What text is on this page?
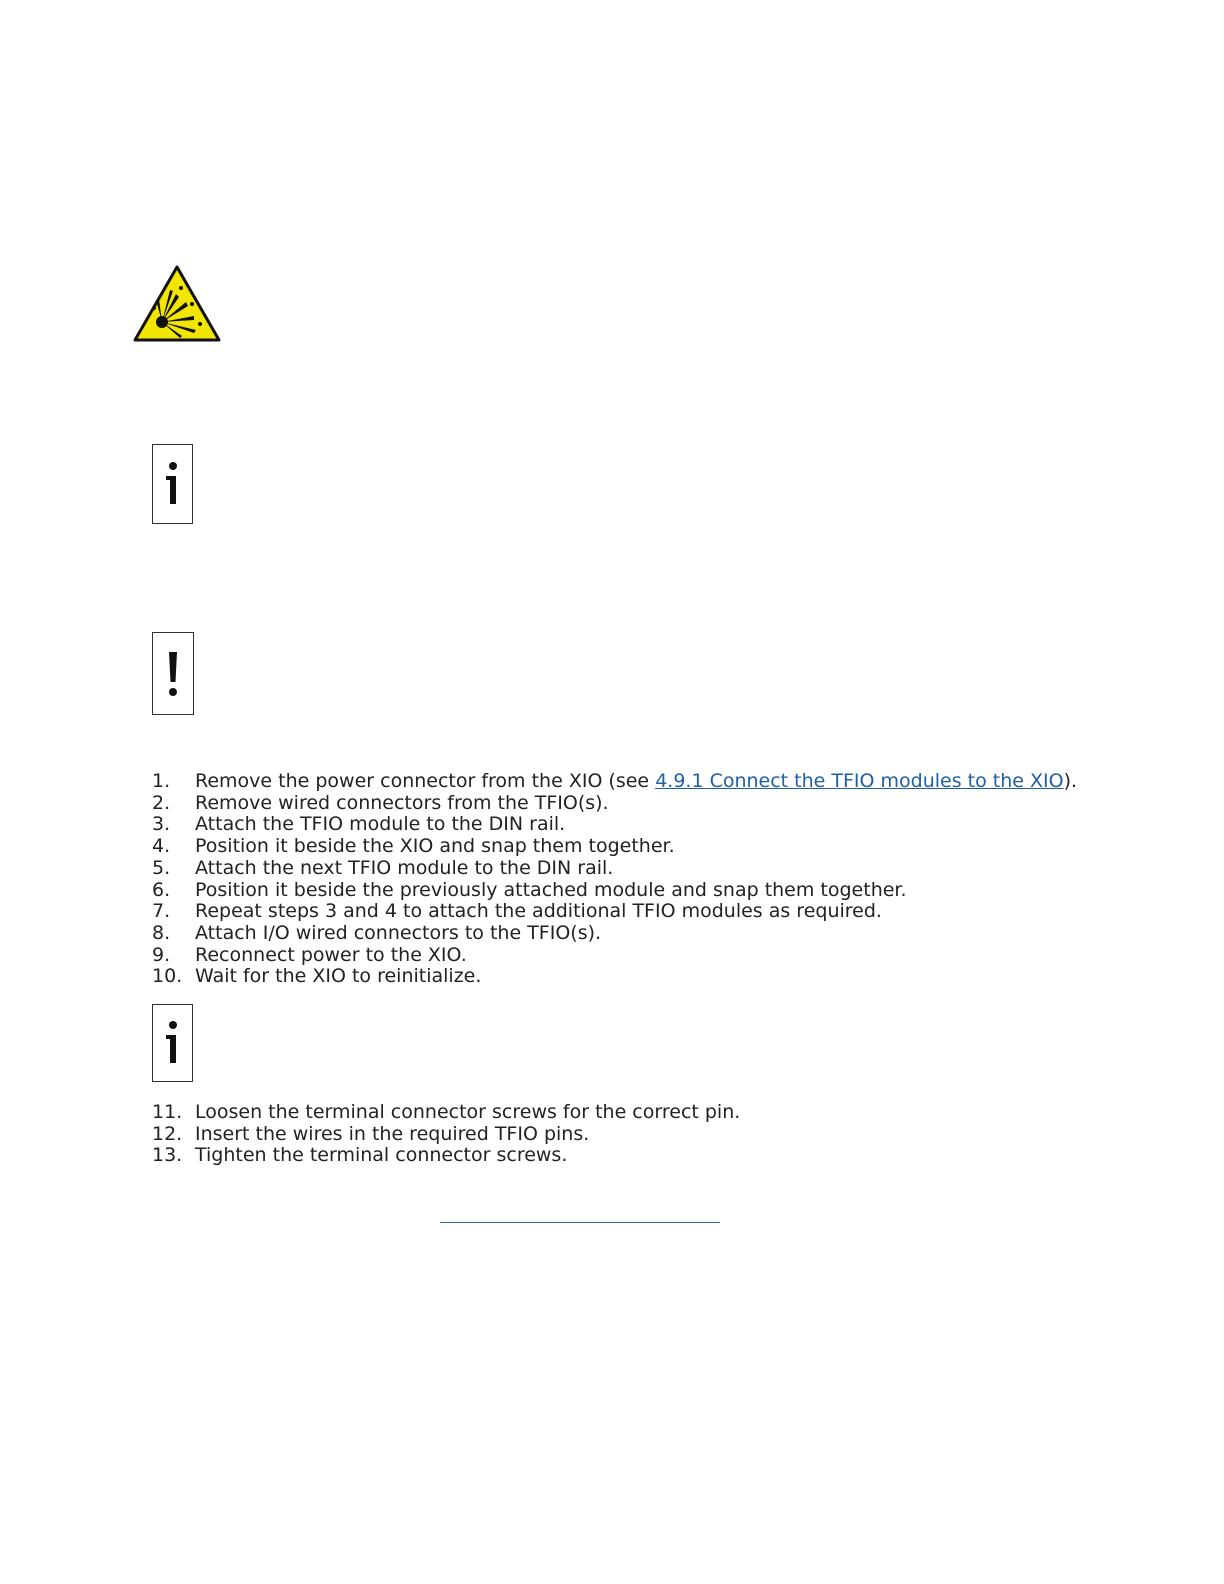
1.	Remove the power connector from the XIO (see 4.9.1 Connect the TFIO modules to the XIO).
2.	Remove wired connectors from the TFIO(s).
3.	Attach the TFIO module to the DIN rail.
4.	Position it beside the XIO and snap them together.
5.	Attach the next TFIO module to the DIN rail.
6.	Position it beside the previously attached module and snap them together.
7.	Repeat steps 3 and 4 to attach the additional TFIO modules as required.
8.	Attach I/O wired connectors to the TFIO(s).
9.	Reconnect power to the XIO.
10. Wait for the XIO to reinitialize.
11. Loosen the terminal connector screws for the correct pin.
12. Insert the wires in the required TFIO pins.
13. Tighten the terminal connector screws.
